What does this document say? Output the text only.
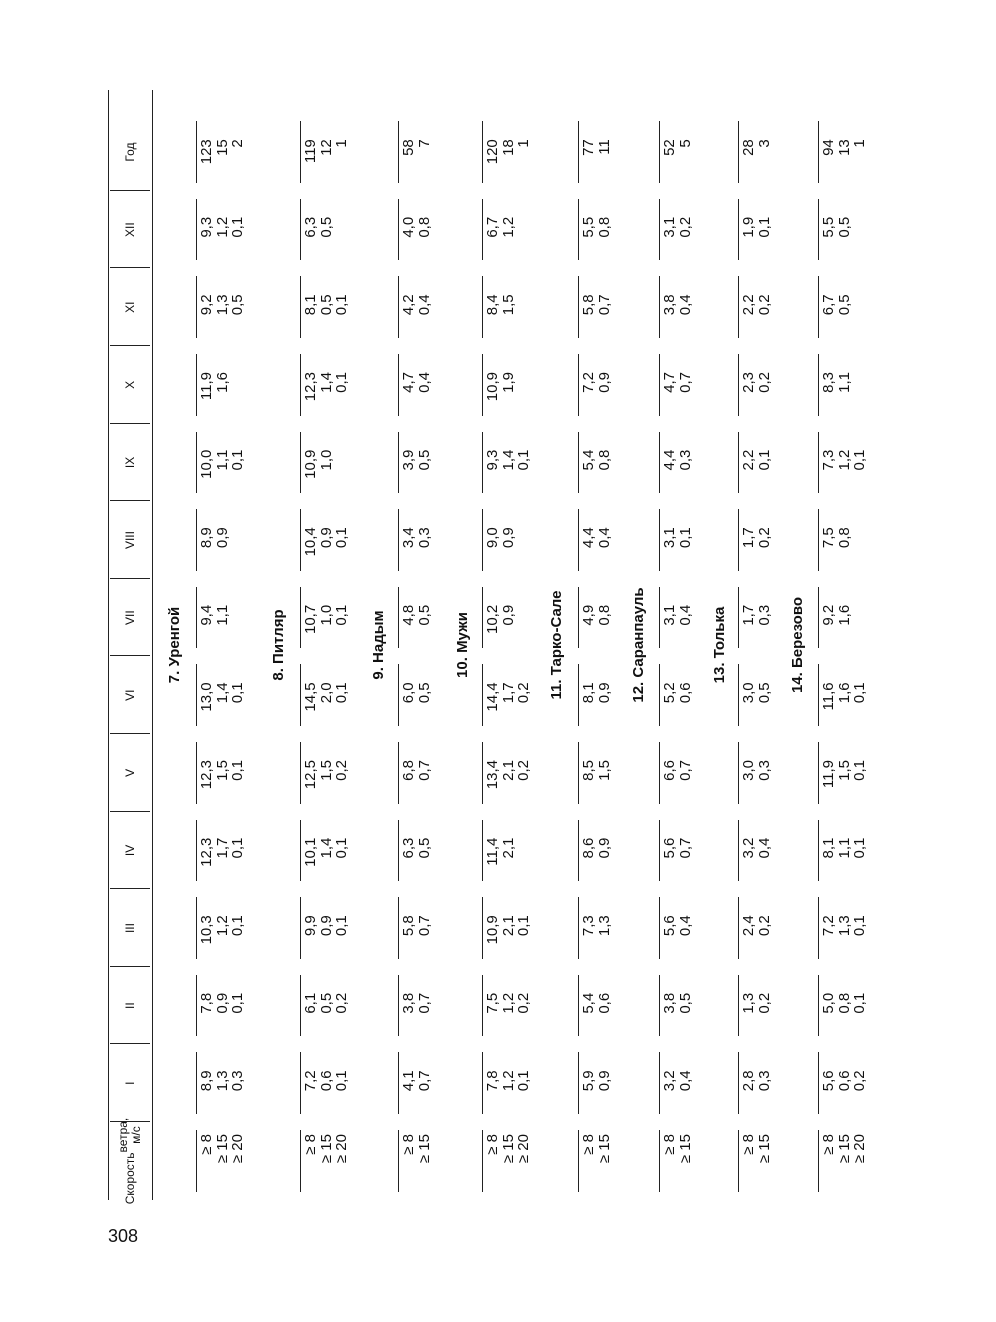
308
Скорость
ветра, м/с
I
II
III
IV
V
VI
VII
VIII
IX
X
XI
XII
Год
7. Уренгой
≥ 8
≥ 15
≥ 20
8,9
1,3
0,3
7,8
0,9
0,1
10,3
1,2
0,1
12,3
1,7
0,1
12,3
1,5
0,1
13,0
1,4
0,1
9,4
1,1
8,9
0,9
10,0
1,1
0,1
11,9
1,6
9,2
1,3
0,5
9,3
1,2
0,1
123
15
2
8. Питляр
≥ 8
≥ 15
≥ 20
7,2
0,6
0,1
6,1
0,5
0,2
9,9
0,9
0,1
10,1
1,4
0,1
12,5
1,5
0,2
14,5
2,0
0,1
10,7
1,0
0,1
10,4
0,9
0,1
10,9
1,0
12,3
1,4
0,1
8,1
0,5
0,1
6,3
0,5
119
12
1
9. Надым
≥ 8
≥ 15
4,1
0,7
3,8
0,7
5,8
0,7
6,3
0,5
6,8
0,7
6,0
0,5
4,8
0,5
3,4
0,3
3,9
0,5
4,7
0,4
4,2
0,4
4,0
0,8
58
7
10. Мужи
≥ 8
≥ 15
≥ 20
7,8
1,2
0,1
7,5
1,2
0,2
10,9
2,1
0,1
11,4
2,1
13,4
2,1
0,2
14,4
1,7
0,2
10,2
0,9
9,0
0,9
9,3
1,4
0,1
10,9
1,9
8,4
1,5
6,7
1,2
120
18
1
11. Тарко-Сале
≥ 8
≥ 15
5,9
0,9
5,4
0,6
7,3
1,3
8,6
0,9
8,5
1,5
8,1
0,9
4,9
0,8
4,4
0,4
5,4
0,8
7,2
0,9
5,8
0,7
5,5
0,8
77
11
12. Саранпауль
≥ 8
≥ 15
3,2
0,4
3,8
0,5
5,6
0,4
5,6
0,7
6,6
0,7
5,2
0,6
3,1
0,4
3,1
0,1
4,4
0,3
4,7
0,7
3,8
0,4
3,1
0,2
52
5
13. Толька
≥ 8
≥ 15
2,8
0,3
1,3
0,2
2,4
0,2
3,2
0,4
3,0
0,3
3,0
0,5
1,7
0,3
1,7
0,2
2,2
0,1
2,3
0,2
2,2
0,2
1,9
0,1
28
3
14. Березово
≥ 8
≥ 15
≥ 20
5,6
0,6
0,2
5,0
0,8
0,1
7,2
1,3
0,1
8,1
1,1
0,1
11,9
1,5
0,1
11,6
1,6
0,1
9,2
1,6
7,5
0,8
7,3
1,2
0,1
8,3
1,1
6,7
0,5
5,5
0,5
94
13
1
